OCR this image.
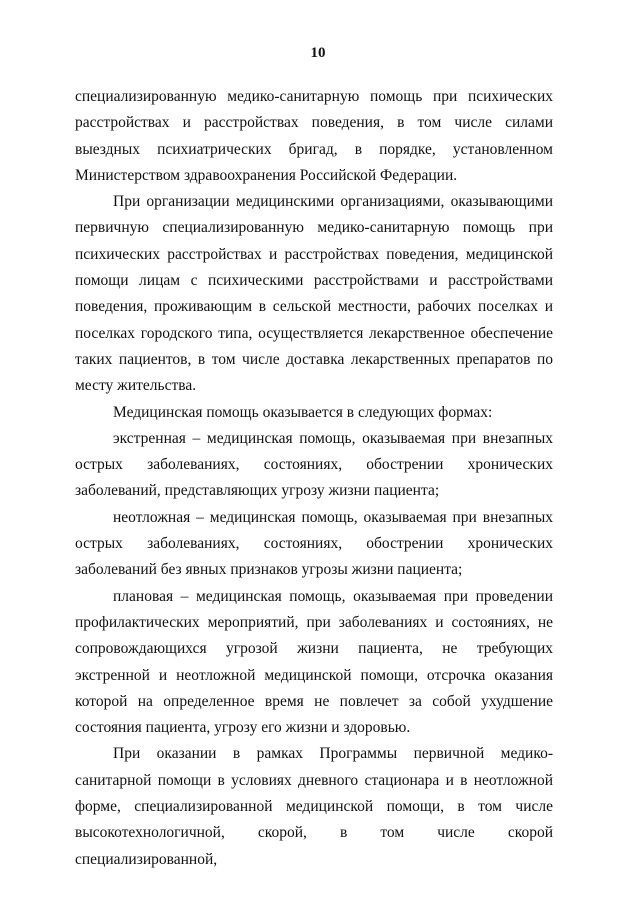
10

специализированную медико-санитарную помощь при психических расстройствах и расстройствах поведения, в том числе силами выездных психиатрических бригад, в порядке, установленном Министерством здравоохранения Российской Федерации.

При организации медицинскими организациями, оказывающими первичную специализированную медико-санитарную помощь при психических расстройствах и расстройствах поведения, медицинской помощи лицам с психическими расстройствами и расстройствами поведения, проживающим в сельской местности, рабочих поселках и поселках городского типа, осуществляется лекарственное обеспечение таких пациентов, в том числе доставка лекарственных препаратов по месту жительства.

Медицинская помощь оказывается в следующих формах:

экстренная – медицинская помощь, оказываемая при внезапных острых заболеваниях, состояниях, обострении хронических заболеваний, представляющих угрозу жизни пациента;

неотложная – медицинская помощь, оказываемая при внезапных острых заболеваниях, состояниях, обострении хронических заболеваний без явных признаков угрозы жизни пациента;

плановая – медицинская помощь, оказываемая при проведении профилактических мероприятий, при заболеваниях и состояниях, не сопровождающихся угрозой жизни пациента, не требующих экстренной и неотложной медицинской помощи, отсрочка оказания которой на определенное время не повлечет за собой ухудшение состояния пациента, угрозу его жизни и здоровью.

При оказании в рамках Программы первичной медико-санитарной помощи в условиях дневного стационара и в неотложной форме, специализированной медицинской помощи, в том числе высокотехнологичной, скорой, в том числе скорой специализированной,
